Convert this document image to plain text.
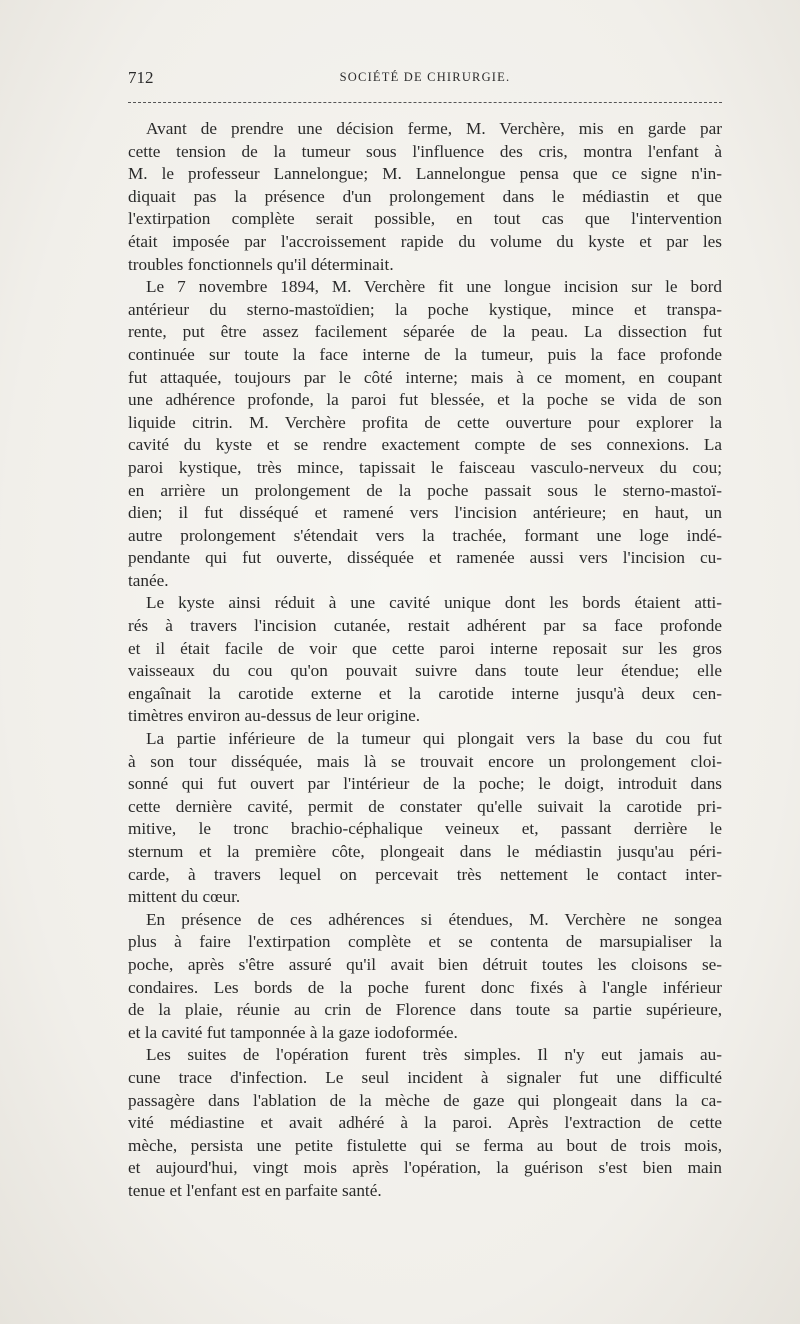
712	SOCIÉTÉ DE CHIRURGIE.
Avant de prendre une décision ferme, M. Verchère, mis en garde par
cette tension de la tumeur sous l'influence des cris, montra l'enfant à
M. le professeur Lannelongue; M. Lannelongue pensa que ce signe n'in-
diquait pas la présence d'un prolongement dans le médiastin et que
l'extirpation complète serait possible, en tout cas que l'intervention
était imposée par l'accroissement rapide du volume du kyste et par les
troubles fonctionnels qu'il déterminait.
Le 7 novembre 1894, M. Verchère fit une longue incision sur le bord
antérieur du sterno-mastoïdien; la poche kystique, mince et transpa-
rente, put être assez facilement séparée de la peau. La dissection fut
continuée sur toute la face interne de la tumeur, puis la face profonde
fut attaquée, toujours par le côté interne; mais à ce moment, en coupant
une adhérence profonde, la paroi fut blessée, et la poche se vida de son
liquide citrin. M. Verchère profita de cette ouverture pour explorer la
cavité du kyste et se rendre exactement compte de ses connexions. La
paroi kystique, très mince, tapissait le faisceau vasculo-nerveux du cou;
en arrière un prolongement de la poche passait sous le sterno-mastoï-
dien; il fut disséqué et ramené vers l'incision antérieure; en haut, un
autre prolongement s'étendait vers la trachée, formant une loge indé-
pendante qui fut ouverte, disséquée et ramenée aussi vers l'incision cu-
tanée.
Le kyste ainsi réduit à une cavité unique dont les bords étaient atti-
rés à travers l'incision cutanée, restait adhérent par sa face profonde
et il était facile de voir que cette paroi interne reposait sur les gros
vaisseaux du cou qu'on pouvait suivre dans toute leur étendue; elle
engaînait la carotide externe et la carotide interne jusqu'à deux cen-
timètres environ au-dessus de leur origine.
La partie inférieure de la tumeur qui plongait vers la base du cou fut
à son tour disséquée, mais là se trouvait encore un prolongement cloi-
sonné qui fut ouvert par l'intérieur de la poche; le doigt, introduit dans
cette dernière cavité, permit de constater qu'elle suivait la carotide pri-
mitive, le tronc brachio-céphalique veineux et, passant derrière le
sternum et la première côte, plongeait dans le médiastin jusqu'au péri-
carde, à travers lequel on percevait très nettement le contact inter-
mittent du cœur.
En présence de ces adhérences si étendues, M. Verchère ne songea
plus à faire l'extirpation complète et se contenta de marsupialiser la
poche, après s'être assuré qu'il avait bien détruit toutes les cloisons se-
condaires. Les bords de la poche furent donc fixés à l'angle inférieur
de la plaie, réunie au crin de Florence dans toute sa partie supérieure,
et la cavité fut tamponnée à la gaze iodoformée.
Les suites de l'opération furent très simples. Il n'y eut jamais au-
cune trace d'infection. Le seul incident à signaler fut une difficulté
passagère dans l'ablation de la mèche de gaze qui plongeait dans la ca-
vité médiastine et avait adhéré à la paroi. Après l'extraction de cette
mèche, persista une petite fistulette qui se ferma au bout de trois mois,
et aujourd'hui, vingt mois après l'opération, la guérison s'est bien main
tenue et l'enfant est en parfaite santé.
